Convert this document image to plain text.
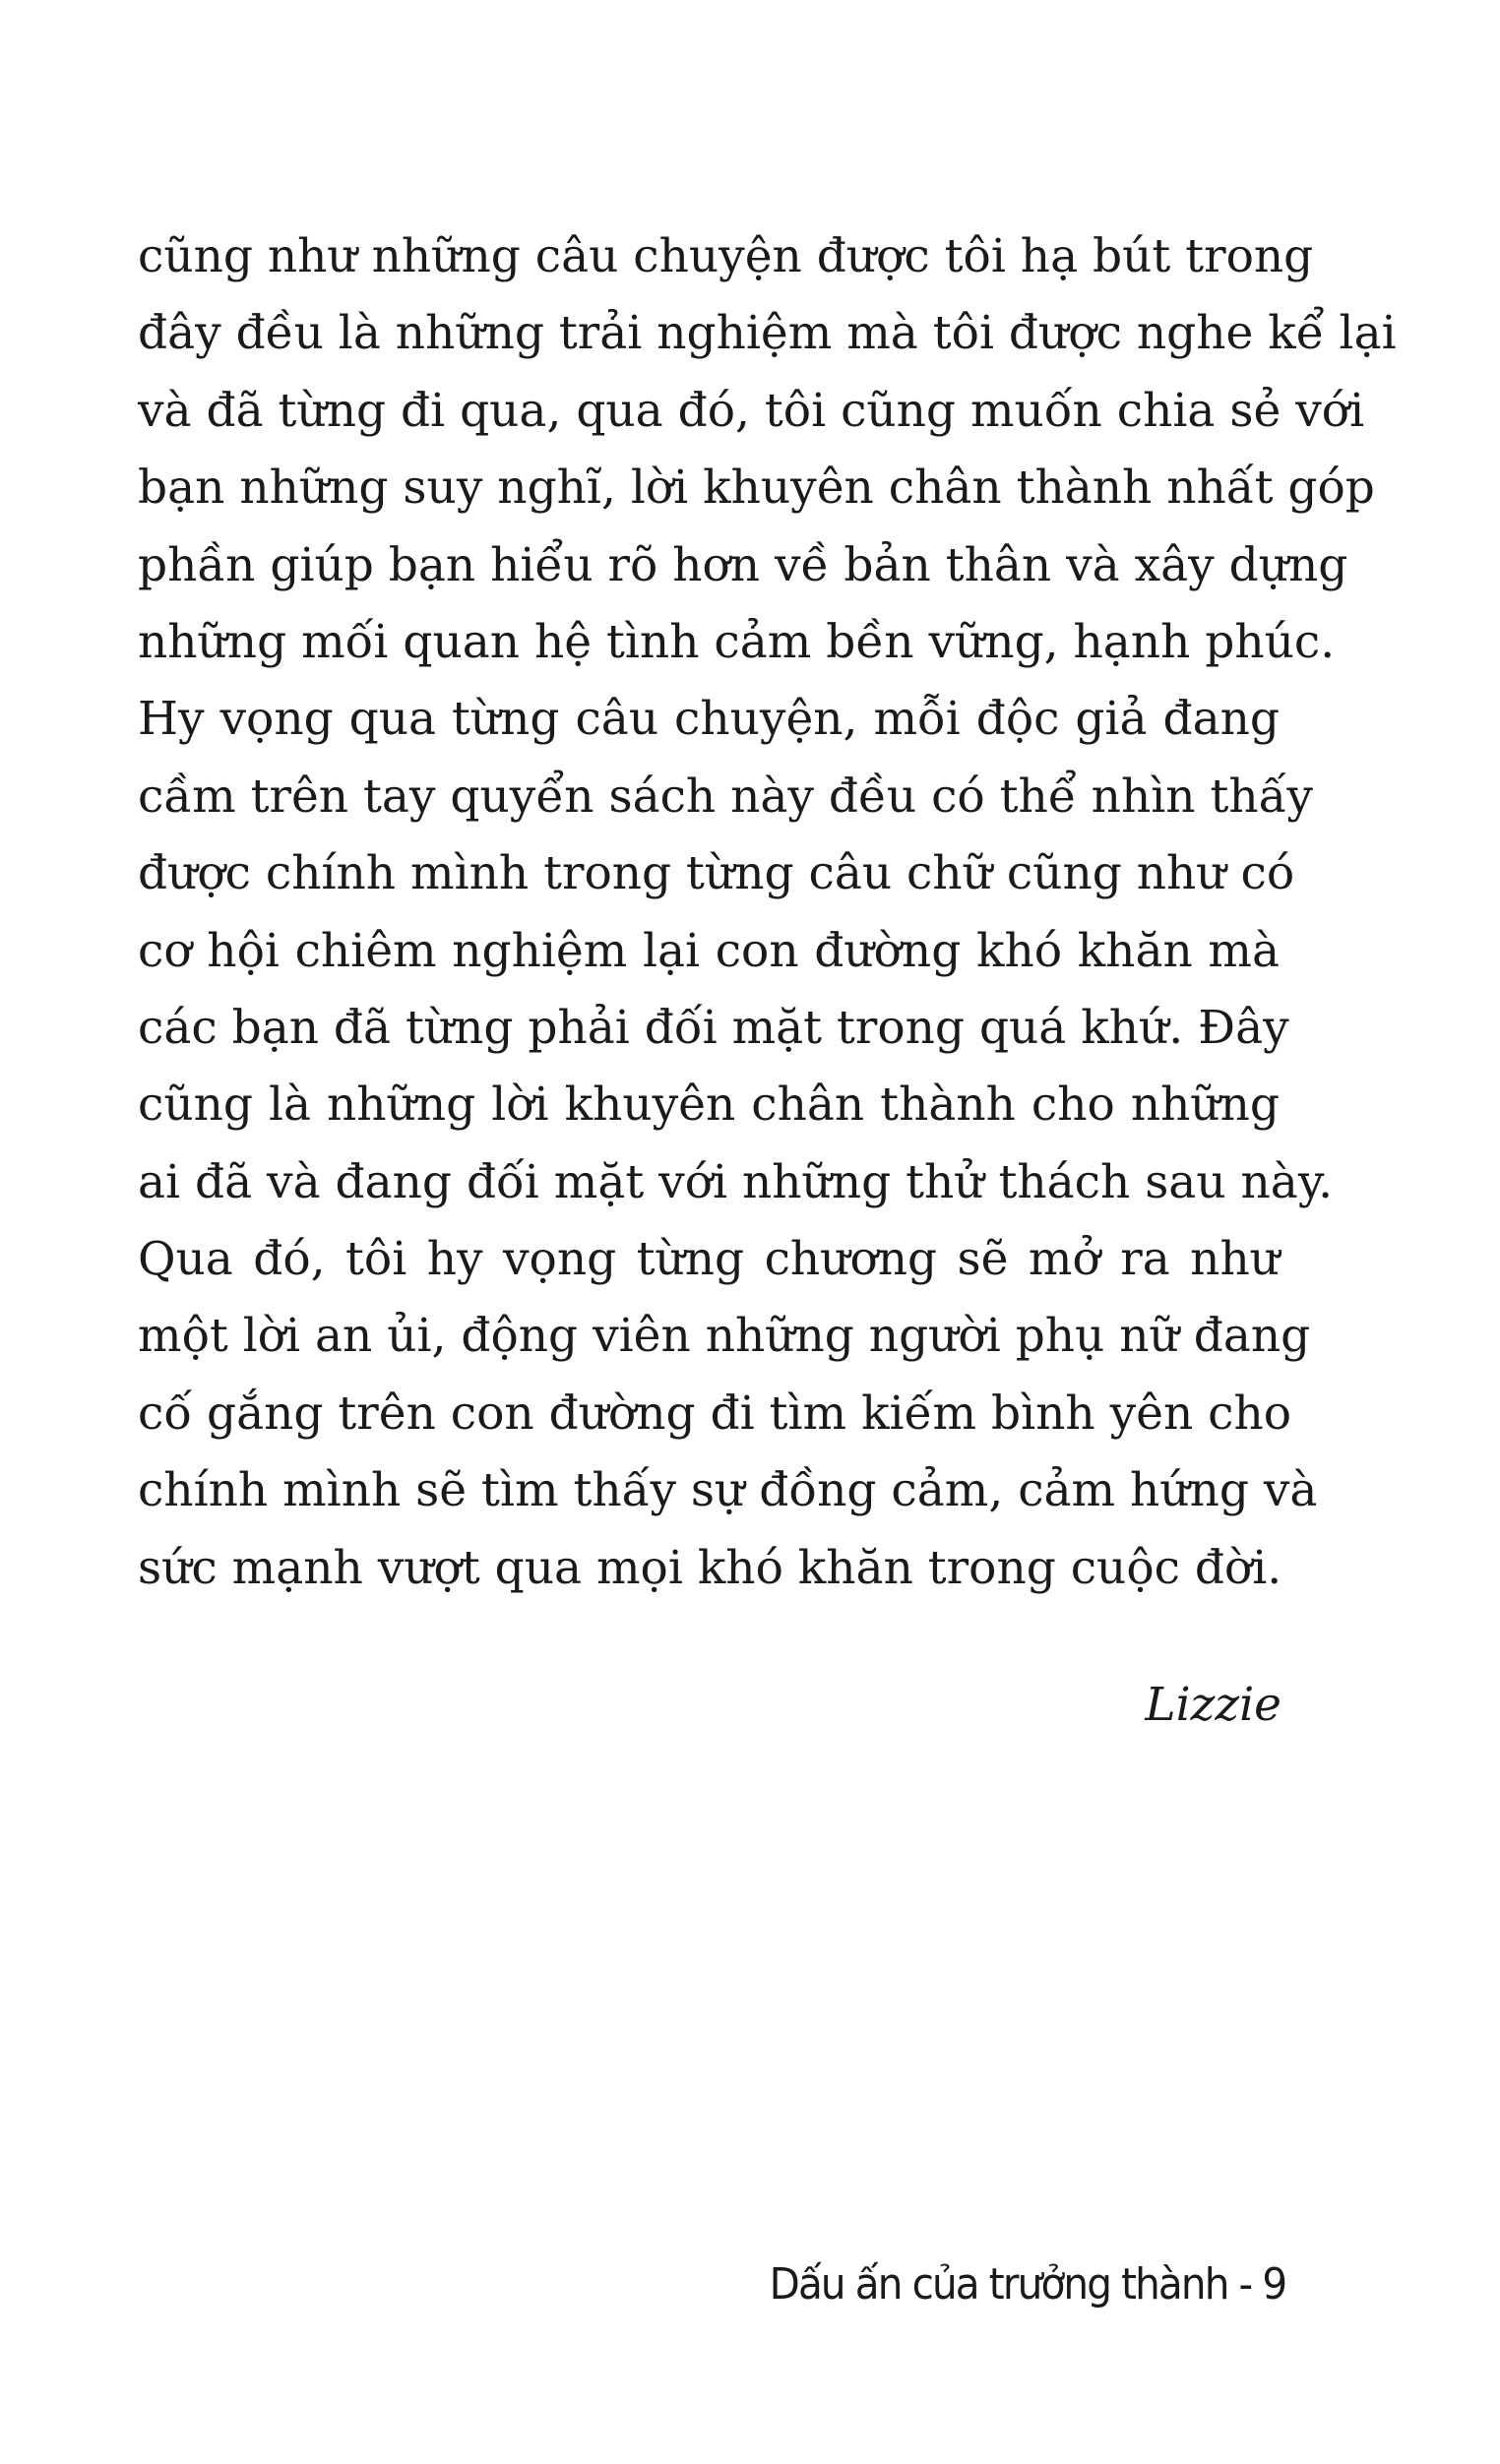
cũng như những câu chuyện được tôi hạ bút trong
đây đều là những trải nghiệm mà tôi được nghe kể lại
và đã từng đi qua, qua đó, tôi cũng muốn chia sẻ với
bạn những suy nghĩ, lời khuyên chân thành nhất góp
phần giúp bạn hiểu rõ hơn về bản thân và xây dựng
những mối quan hệ tình cảm bền vững, hạnh phúc.
Hy vọng qua từng câu chuyện, mỗi độc giả đang
cầm trên tay quyển sách này đều có thể nhìn thấy
được chính mình trong từng câu chữ cũng như có
cơ hội chiêm nghiệm lại con đường khó khăn mà
các bạn đã từng phải đối mặt trong quá khứ. Đây
cũng là những lời khuyên chân thành cho những
ai đã và đang đối mặt với những thử thách sau này.
Qua đó, tôi hy vọng từng chương sẽ mở ra như
một lời an ủi, động viên những người phụ nữ đang
cố gắng trên con đường đi tìm kiếm bình yên cho
chính mình sẽ tìm thấy sự đồng cảm, cảm hứng và
sức mạnh vượt qua mọi khó khăn trong cuộc đời.

Lizzie

Dấu ấn của trưởng thành - 9
